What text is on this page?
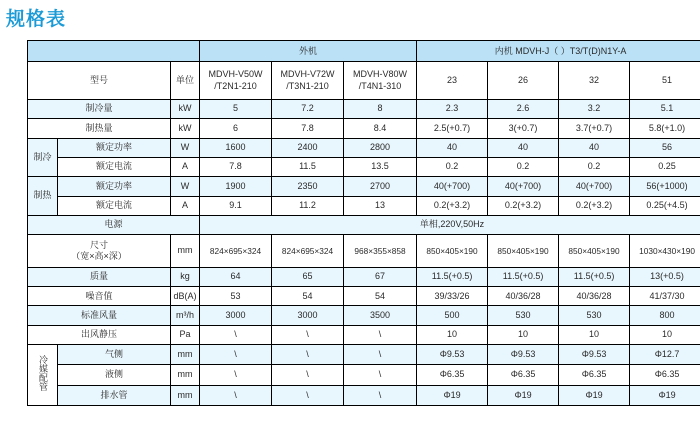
规格表
			外机			内机 MDVH-J（ ）T3/T(D)N1Y-A			
型号		单位	MDVH-V50W /T2N1-210	MDVH-V72W /T3N1-210	MDVH-V80W /T4N1-310	23	26	32	51
制冷量		kW	5	7.2	8	2.3	2.6	3.2	5.1
制热量		kW	6	7.8	8.4	2.5(+0.7)	3(+0.7)	3.7(+0.7)	5.8(+1.0)
制冷	额定功率	W	1600	2400	2800	40	40	40	56
	额定电流	A	7.8	11.5	13.5	0.2	0.2	0.2	0.25
制热	额定功率	W	1900	2350	2700	40(+700)	40(+700)	40(+700)	56(+1000)
	额定电流	A	9.1	11.2	13	0.2(+3.2)	0.2(+3.2)	0.2(+3.2)	0.25(+4.5)
电源			单相,220V,50Hz						
尺寸
（宽×高×深）		mm	824×695×324	824×695×324	968×355×858	850×405×190	850×405×190	850×405×190	1030×430×190
质量		kg	64	65	67	11.5(+0.5)	11.5(+0.5)	11.5(+0.5)	13(+0.5)
噪音值		dB(A)	53	54	54	39/33/26	40/36/28	40/36/28	41/37/30
标准风量		m³/h	3000	3000	3500	500	530	530	800
出风静压		Pa	\	\	\	10	10	10	10
冷媒配管	气侧	mm	\	\	\	Φ9.53	Φ9.53	Φ9.53	Φ12.7
	液侧	mm	\	\	\	Φ6.35	Φ6.35	Φ6.35	Φ6.35
	排水管	mm	\	\	\	Φ19	Φ19	Φ19	Φ19
